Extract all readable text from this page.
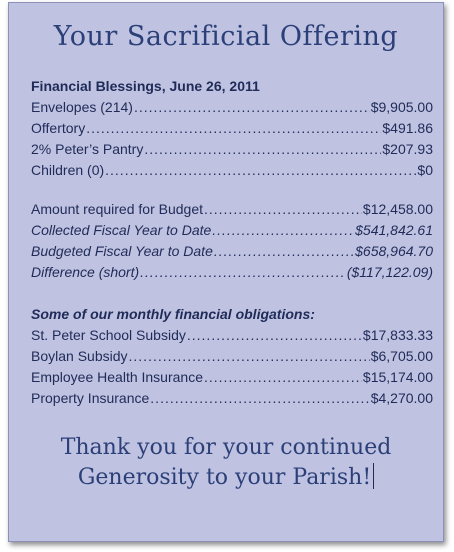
Your Sacrificial Offering
Financial Blessings, June 26, 2011
Envelopes (214) .....	$9,905.00
Offertory .....	$491.86
2% Peter’s Pantry .....	$207.93
Children (0) .....	$0
Amount required for Budget .....	$12,458.00
Collected Fiscal Year to Date .....	$541,842.61
Budgeted Fiscal Year to Date .....	$658,964.70
Difference (short) .....	($117,122.09)
Some of our monthly financial obligations:
St. Peter School Subsidy .....	$17,833.33
Boylan Subsidy .....	$6,705.00
Employee Health Insurance .....	$15,174.00
Property Insurance .....	$4,270.00
Thank you for your continued
Generosity to your Parish!
